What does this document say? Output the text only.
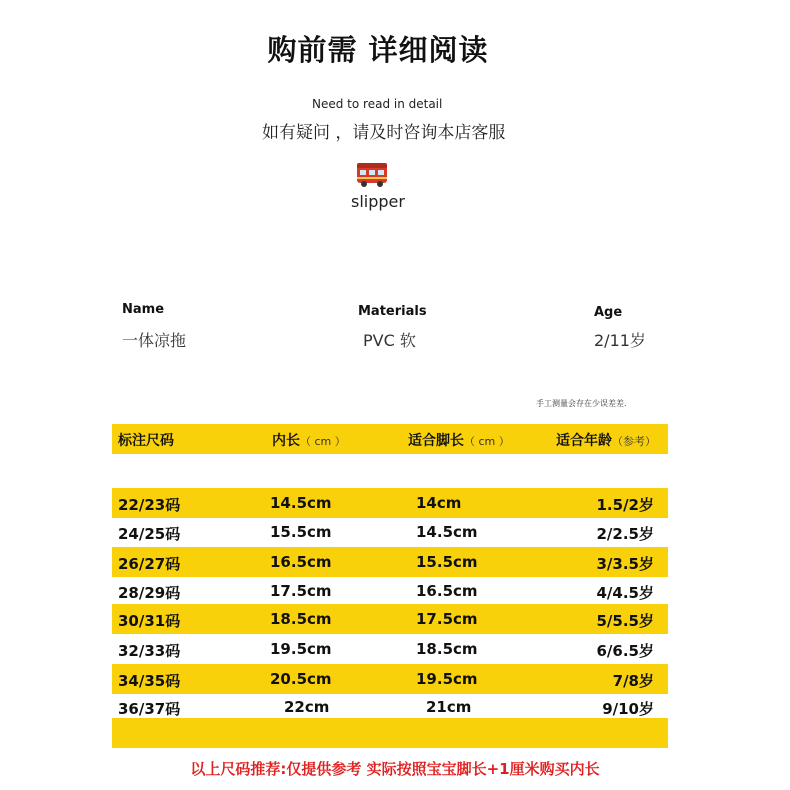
购前需 详细阅读
Need to read in detail
如有疑问 ，请及时咨询本店客服
slipper
Name
一体凉拖
Materials
PVC 软
Age
2/11岁
手工测量会存在少误差差.
标注尺码	内长（ cm ）	适合脚长（ cm ）	适合年龄（参考）
22/23码	14.5cm	14cm	1.5/2岁
24/25码	15.5cm	14.5cm	2/2.5岁
26/27码	16.5cm	15.5cm	3/3.5岁
28/29码	17.5cm	16.5cm	4/4.5岁
30/31码	18.5cm	17.5cm	5/5.5岁
32/33码	19.5cm	18.5cm	6/6.5岁
34/35码	20.5cm	19.5cm	7/8岁
36/37码	22cm	21cm	9/10岁
以上尺码推荐:仅提供参考 实际按照宝宝脚长+1厘米购买内长
